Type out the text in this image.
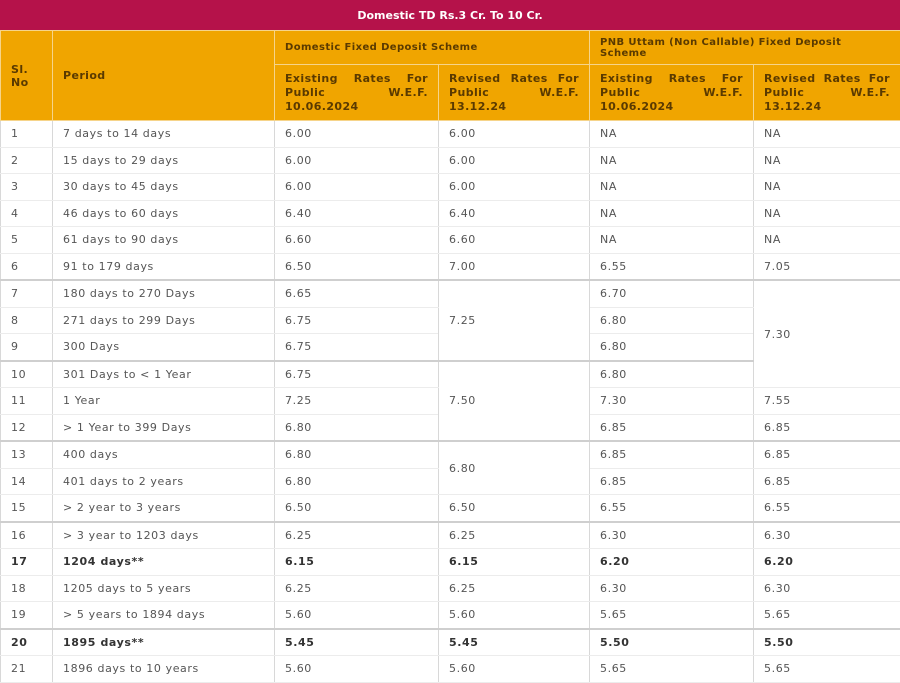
Domestic TD Rs.3 Cr. To 10 Cr.
Sl. No	Period	Domestic Fixed Deposit Scheme		PNB Uttam (Non Callable) Fixed Deposit Scheme	
		Existing Rates For Public W.E.F. 10.06.2024	Revised Rates For Public W.E.F. 13.12.24	Existing Rates For Public W.E.F. 10.06.2024	Revised Rates For Public W.E.F. 13.12.24
1	7 days to 14 days	6.00	6.00	NA	NA
2	15 days to 29 days	6.00	6.00	NA	NA
3	30 days to 45 days	6.00	6.00	NA	NA
4	46 days to 60 days	6.40	6.40	NA	NA
5	61 days to 90 days	6.60	6.60	NA	NA
6	91 to 179 days	6.50	7.00	6.55	7.05
7	180 days to 270 Days	6.65	7.25	6.70	7.30
8	271 days to 299 Days	6.75		6.80	
9	300 Days	6.75		6.80	
10	301 Days to < 1 Year	6.75	7.50	6.80	
11	1 Year	7.25		7.30	7.55
12	> 1 Year to 399 Days	6.80		6.85	6.85
13	400 days	6.80	6.80	6.85	6.85
14	401 days to 2 years	6.80		6.85	6.85
15	> 2 year to 3 years	6.50	6.50	6.55	6.55
16	> 3 year to 1203 days	6.25	6.25	6.30	6.30
17	1204 days**	6.15	6.15	6.20	6.20
18	1205 days to 5 years	6.25	6.25	6.30	6.30
19	> 5 years to 1894 days	5.60	5.60	5.65	5.65
20	1895 days**	5.45	5.45	5.50	5.50
21	1896 days to 10 years	5.60	5.60	5.65	5.65
